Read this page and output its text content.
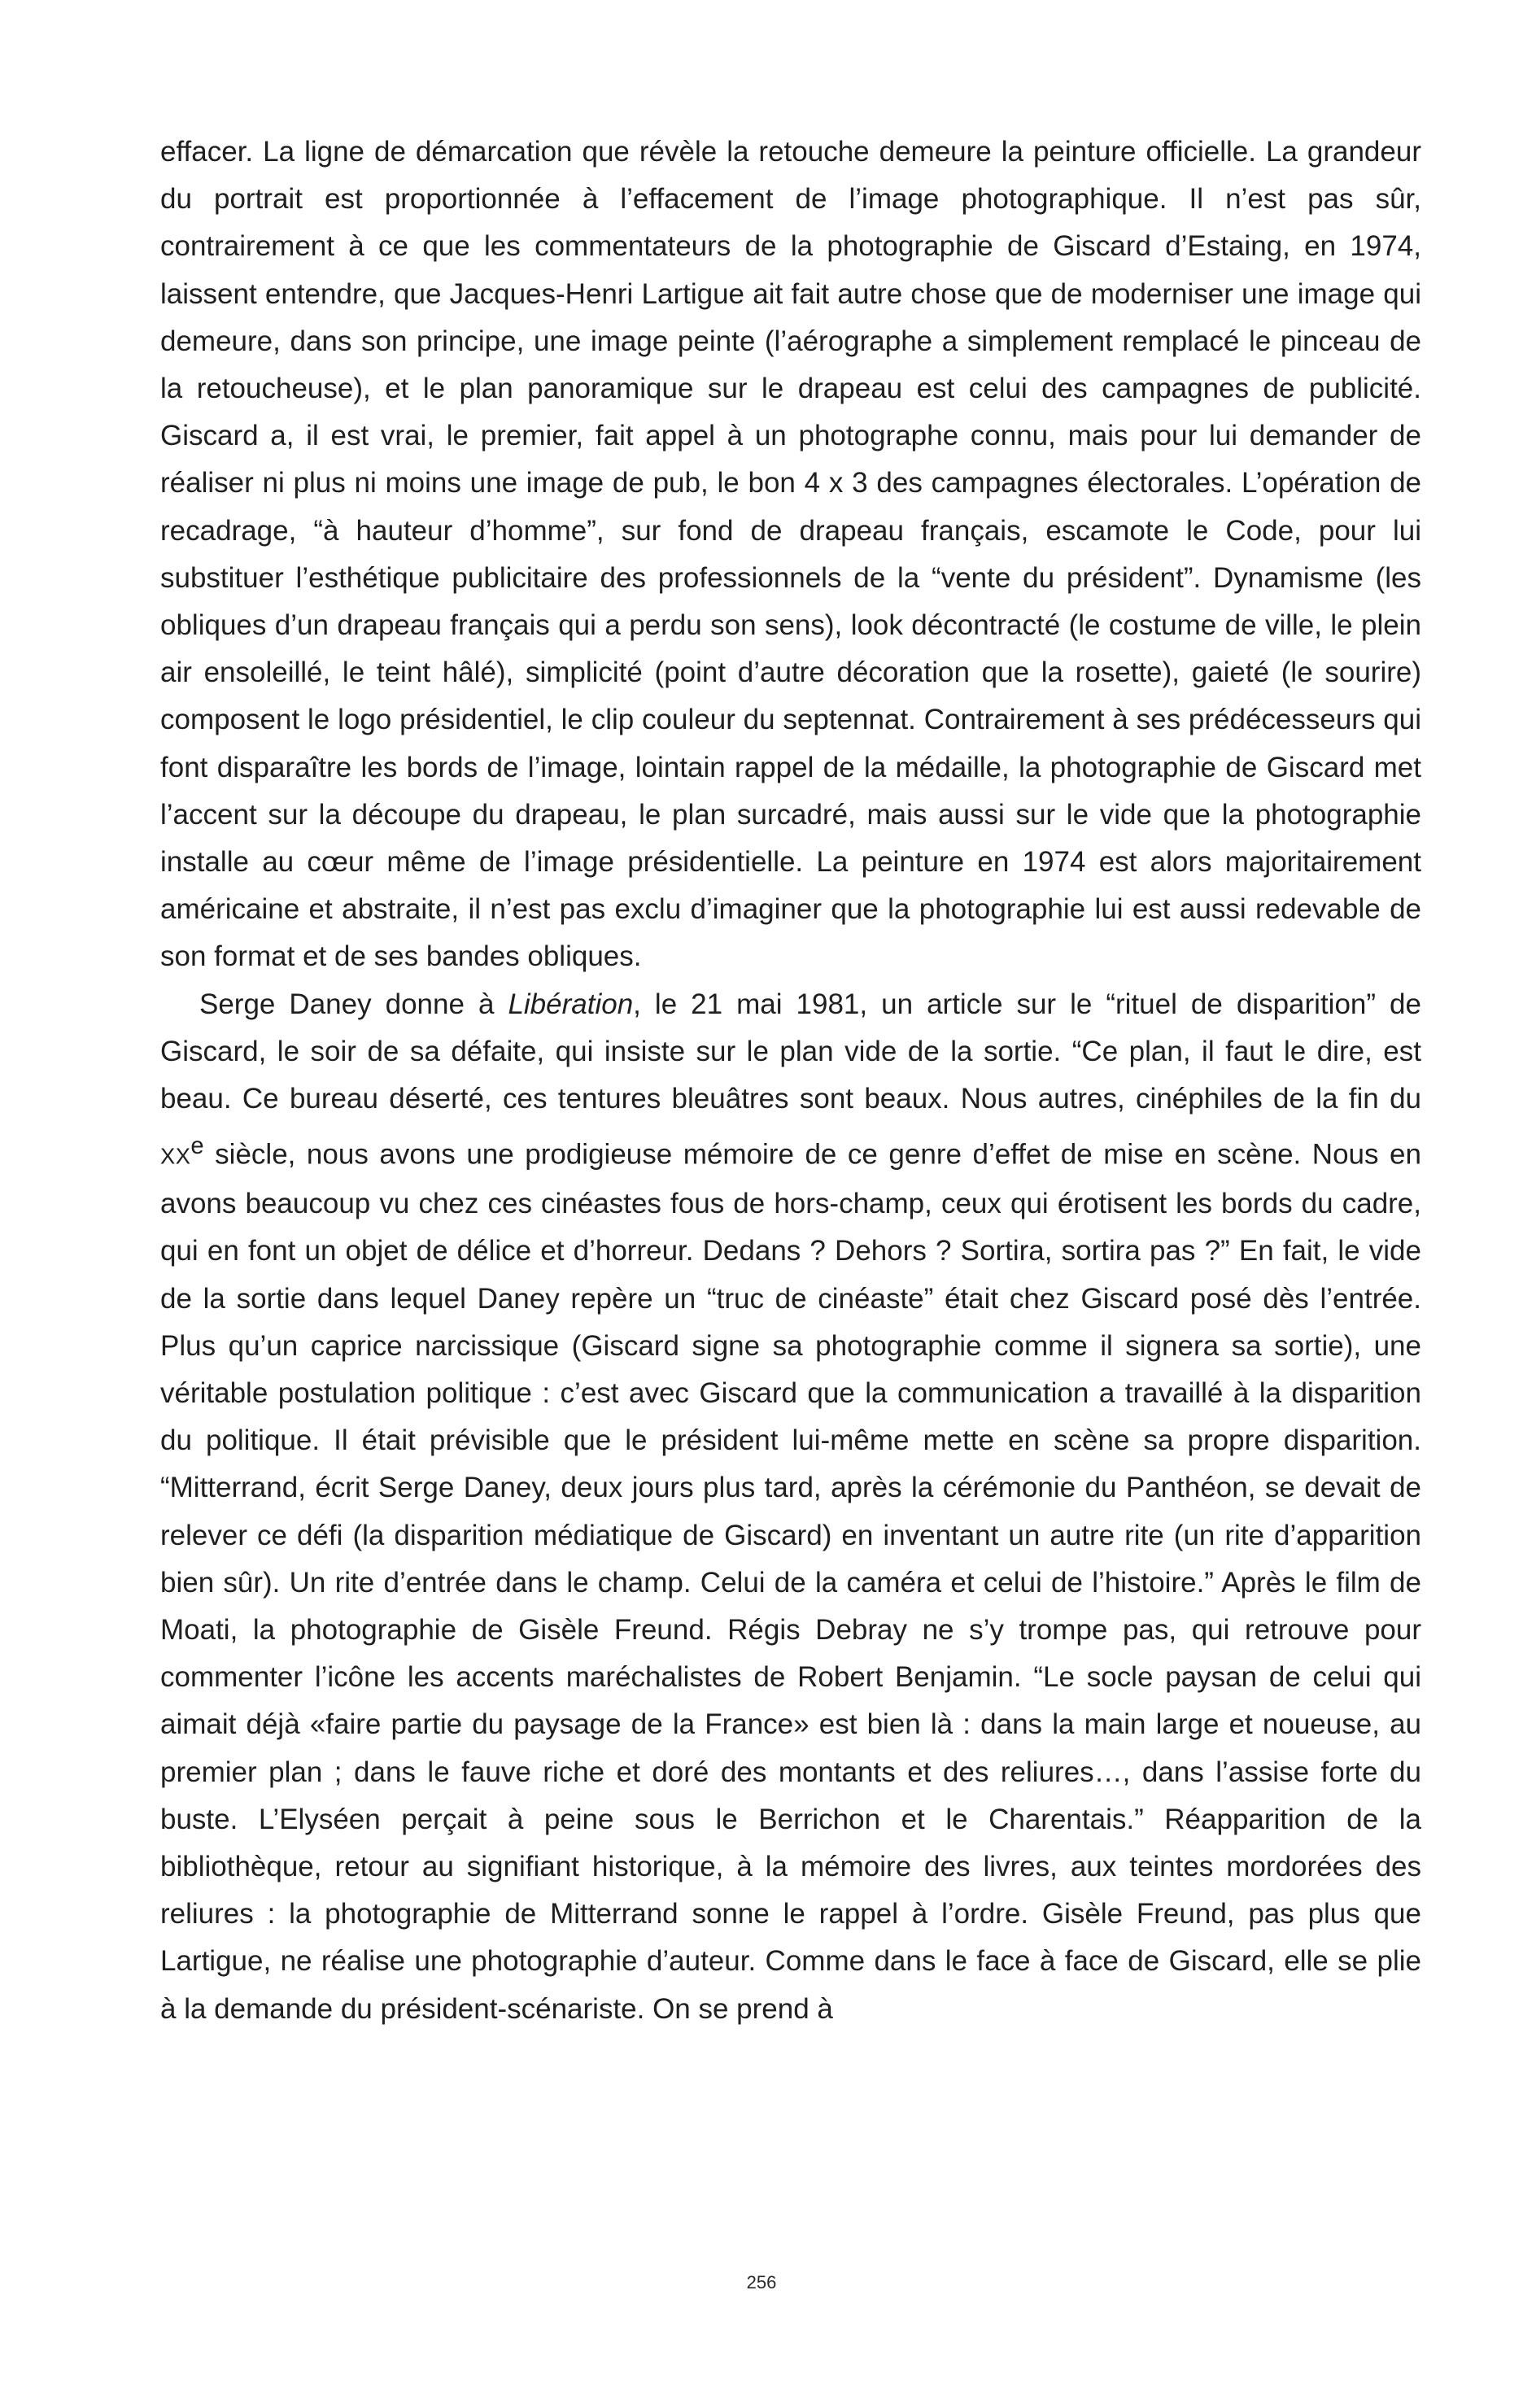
effacer. La ligne de démarcation que révèle la retouche demeure la peinture officielle. La grandeur du portrait est proportionnée à l’effacement de l’image photographique. Il n’est pas sûr, contrairement à ce que les commentateurs de la photographie de Giscard d’Estaing, en 1974, laissent entendre, que Jacques-Henri Lartigue ait fait autre chose que de moderniser une image qui demeure, dans son principe, une image peinte (l’aérographe a simplement remplacé le pinceau de la retoucheuse), et le plan panoramique sur le drapeau est celui des campagnes de publicité. Giscard a, il est vrai, le premier, fait appel à un photographe connu, mais pour lui demander de réaliser ni plus ni moins une image de pub, le bon 4 x 3 des campagnes électorales. L’opération de recadrage, “à hauteur d’homme”, sur fond de drapeau français, escamote le Code, pour lui substituer l’esthétique publicitaire des professionnels de la “vente du président”. Dynamisme (les obliques d’un drapeau français qui a perdu son sens), look décontracté (le costume de ville, le plein air ensoleillé, le teint hâlé), simplicité (point d’autre décoration que la rosette), gaieté (le sourire) composent le logo présidentiel, le clip couleur du septennat. Contrairement à ses prédécesseurs qui font disparaître les bords de l’image, lointain rappel de la médaille, la photographie de Giscard met l’accent sur la découpe du drapeau, le plan surcadré, mais aussi sur le vide que la photographie installe au cœur même de l’image présidentielle. La peinture en 1974 est alors majoritairement américaine et abstraite, il n’est pas exclu d’imaginer que la photographie lui est aussi redevable de son format et de ses bandes obliques.

Serge Daney donne à Libération, le 21 mai 1981, un article sur le “rituel de disparition” de Giscard, le soir de sa défaite, qui insiste sur le plan vide de la sortie. “Ce plan, il faut le dire, est beau. Ce bureau déserté, ces tentures bleuâtres sont beaux. Nous autres, cinéphiles de la fin du XXe siècle, nous avons une prodigieuse mémoire de ce genre d’effet de mise en scène. Nous en avons beaucoup vu chez ces cinéastes fous de hors-champ, ceux qui érotisent les bords du cadre, qui en font un objet de délice et d’horreur. Dedans ? Dehors ? Sortira, sortira pas ?” En fait, le vide de la sortie dans lequel Daney repère un “truc de cinéaste” était chez Giscard posé dès l’entrée. Plus qu’un caprice narcissique (Giscard signe sa photographie comme il signera sa sortie), une véritable postulation politique : c’est avec Giscard que la communication a travaillé à la disparition du politique. Il était prévisible que le président lui-même mette en scène sa propre disparition. “Mitterrand, écrit Serge Daney, deux jours plus tard, après la cérémonie du Panthéon, se devait de relever ce défi (la disparition médiatique de Giscard) en inventant un autre rite (un rite d’apparition bien sûr). Un rite d’entrée dans le champ. Celui de la caméra et celui de l’histoire.” Après le film de Moati, la photographie de Gisèle Freund. Régis Debray ne s’y trompe pas, qui retrouve pour commenter l’icône les accents maréchalistes de Robert Benjamin. “Le socle paysan de celui qui aimait déjà «faire partie du paysage de la France» est bien là : dans la main large et noueuse, au premier plan ; dans le fauve riche et doré des montants et des reliures…, dans l’assise forte du buste. L’Elyséen perçait à peine sous le Berrichon et le Charentais.” Réapparition de la bibliothèque, retour au signifiant historique, à la mémoire des livres, aux teintes mordorées des reliures : la photographie de Mitterrand sonne le rappel à l’ordre. Gisèle Freund, pas plus que Lartigue, ne réalise une photographie d’auteur. Comme dans le face à face de Giscard, elle se plie à la demande du président-scénariste. On se prend à

256
